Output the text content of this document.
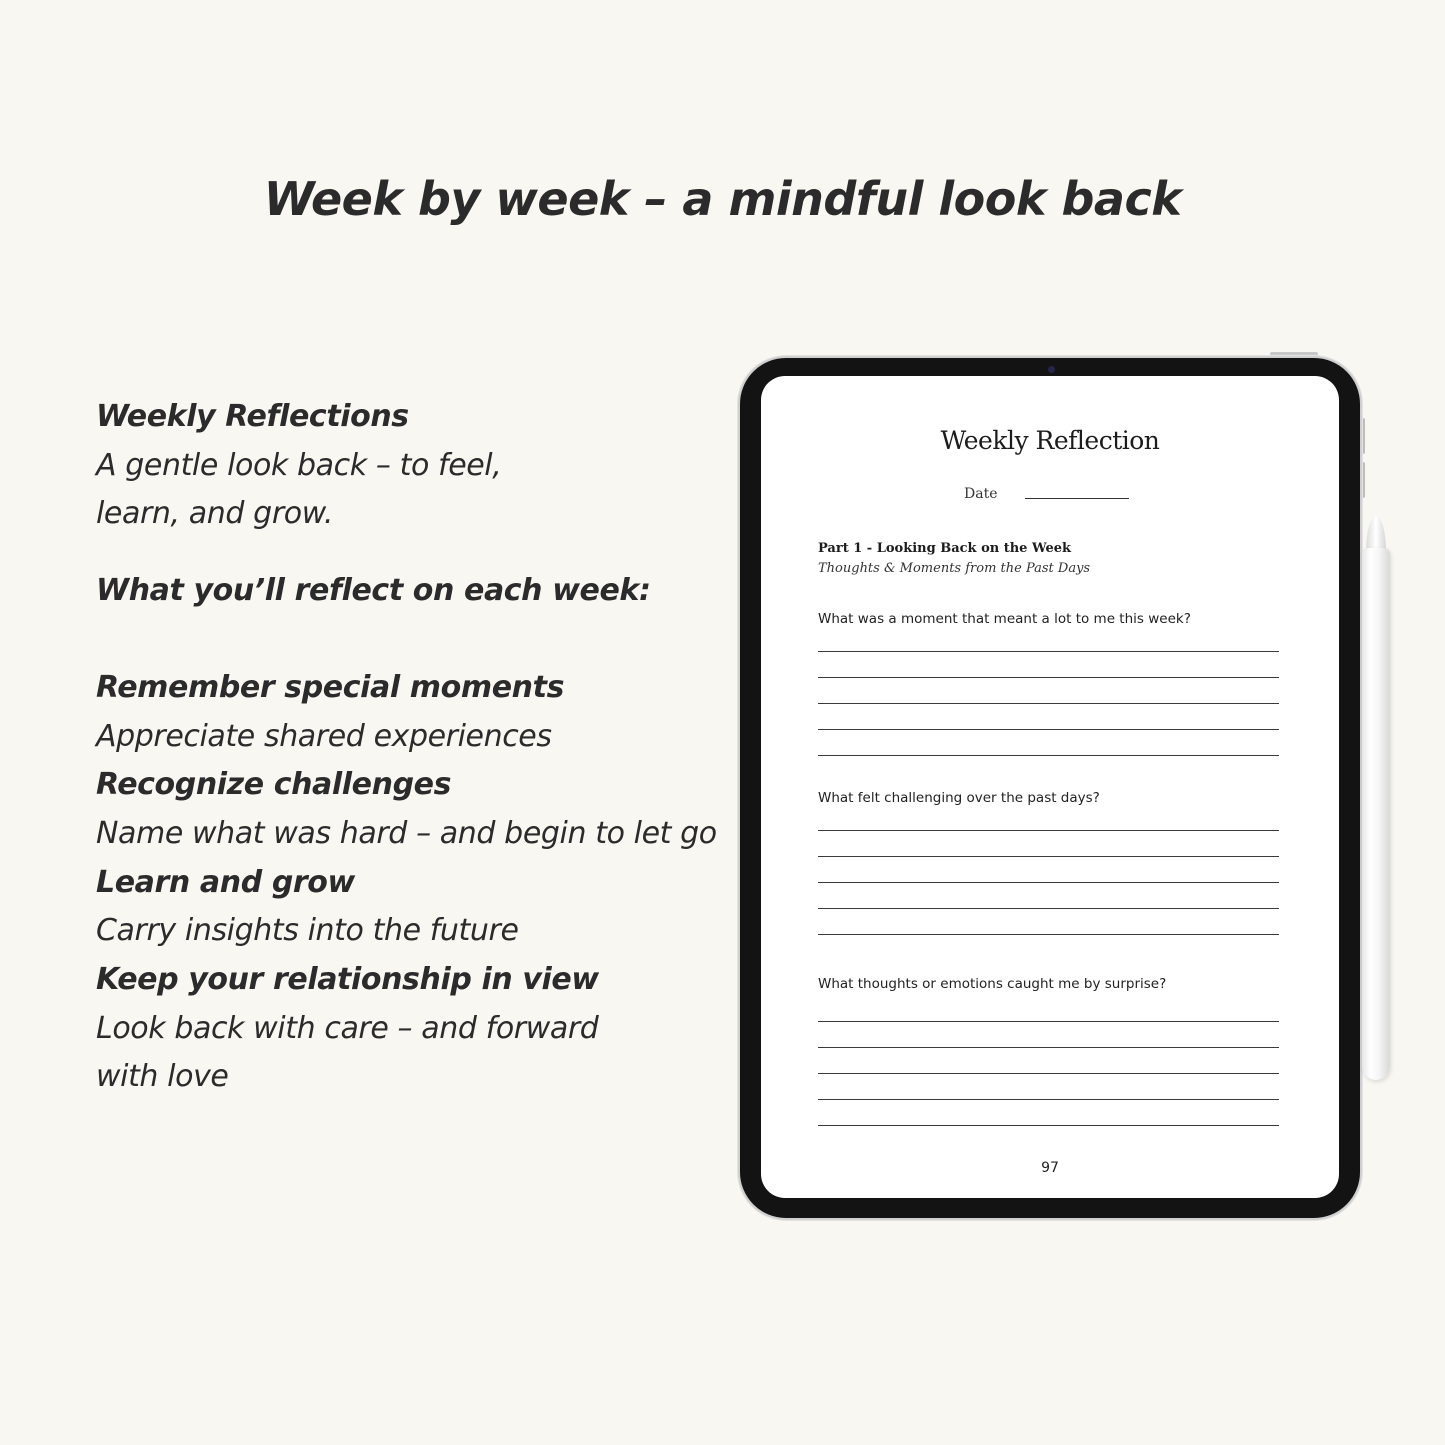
Week by week – a mindful look back
Weekly Reflections
A gentle look back – to feel,
learn, and grow.
What you’ll reflect on each week:
Remember special moments
Appreciate shared experiences
Recognize challenges
Name what was hard – and begin to let go
Learn and grow
Carry insights into the future
Keep your relationship in view
Look back with care – and forward
with love
Weekly Reflection
Date
Part 1 - Looking Back on the Week
Thoughts & Moments from the Past Days
What was a moment that meant a lot to me this week?
What felt challenging over the past days?
What thoughts or emotions caught me by surprise?
97
